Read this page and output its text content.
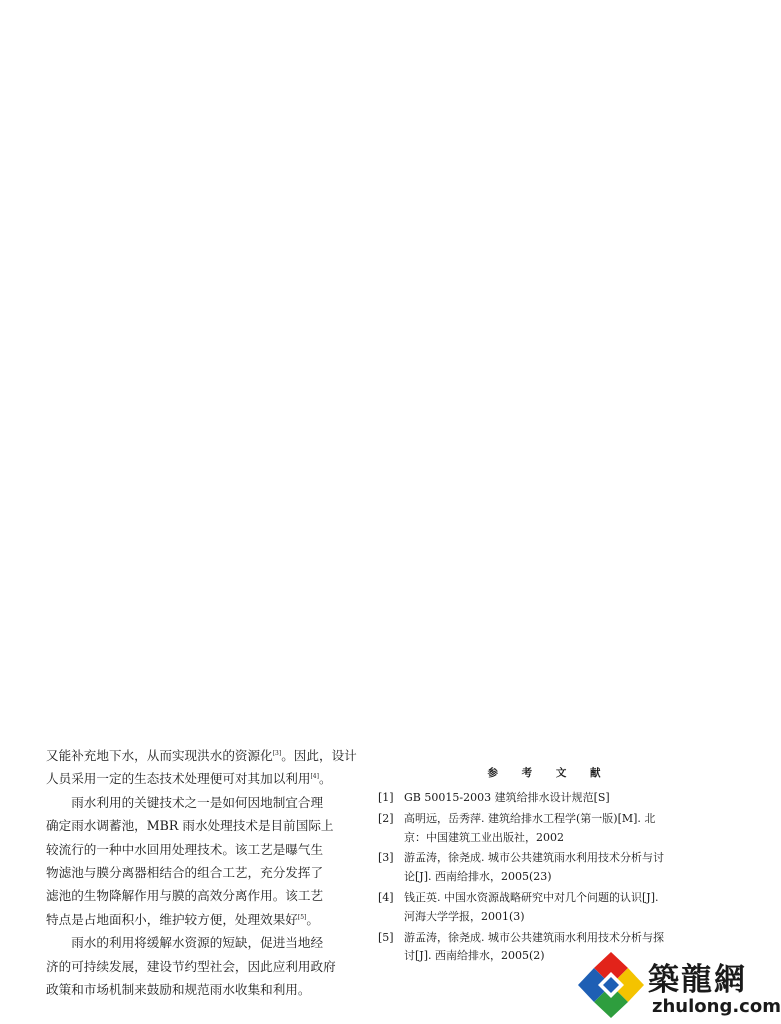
又能补充地下水，从而实现洪水的资源化[3]。因此，设计
人员采用一定的生态技术处理便可对其加以利用[4]。

雨水利用的关键技术之一是如何因地制宜合理
确定雨水调蓄池，MBR 雨水处理技术是目前国际上
较流行的一种中水回用处理技术。该工艺是曝气生
物滤池与膜分离器相结合的组合工艺，充分发挥了
滤池的生物降解作用与膜的高效分离作用。该工艺
特点是占地面积小，维护较方便，处理效果好[5]。

雨水的利用将缓解水资源的短缺，促进当地经
济的可持续发展，建设节约型社会，因此应利用政府
政策和市场机制来鼓励和规范雨水收集和利用。

参 考 文 献
[1] GB 50015-2003 建筑给排水设计规范[S]
[2] 高明远，岳秀萍. 建筑给排水工程学(第一版)[M]. 北
京：中国建筑工业出版社，2002
[3] 游孟涛，徐尧成. 城市公共建筑雨水利用技术分析与讨
论[J]. 西南给排水，2005(23)
[4] 钱正英. 中国水资源战略研究中对几个问题的认识[J].
河海大学学报，2001(3)
[5] 游孟涛，徐尧成. 城市公共建筑雨水利用技术分析与探
讨[J]. 西南给排水，2005(2)
築龍網
zhulong.com
